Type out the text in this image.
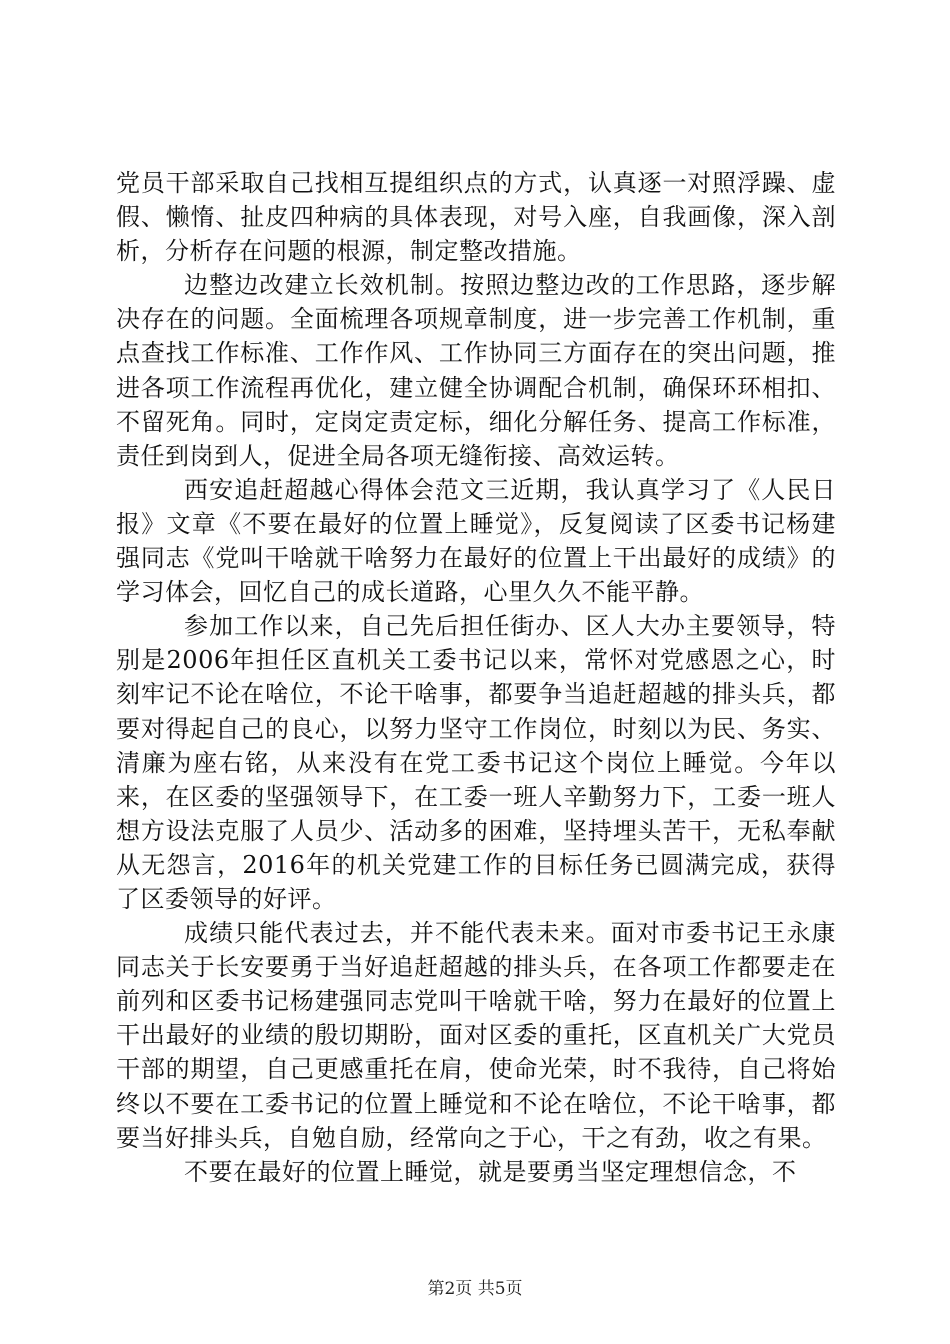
党员干部采取自己找相互提组织点的方式，认真逐一对照浮躁、虚假、懒惰、扯皮四种病的具体表现，对号入座，自我画像，深入剖析，分析存在问题的根源，制定整改措施。

边整边改建立长效机制。按照边整边改的工作思路，逐步解决存在的问题。全面梳理各项规章制度，进一步完善工作机制，重点查找工作标准、工作作风、工作协同三方面存在的突出问题，推进各项工作流程再优化，建立健全协调配合机制，确保环环相扣、不留死角。同时，定岗定责定标，细化分解任务、提高工作标准，责任到岗到人，促进全局各项无缝衔接、高效运转。

西安追赶超越心得体会范文三近期，我认真学习了《人民日报》文章《不要在最好的位置上睡觉》，反复阅读了区委书记杨建强同志《党叫干啥就干啥努力在最好的位置上干出最好的成绩》的学习体会，回忆自己的成长道路，心里久久不能平静。

参加工作以来，自己先后担任街办、区人大办主要领导，特别是2006年担任区直机关工委书记以来，常怀对党感恩之心，时刻牢记不论在啥位，不论干啥事，都要争当追赶超越的排头兵，都要对得起自己的良心，以努力坚守工作岗位，时刻以为民、务实、清廉为座右铭，从来没有在党工委书记这个岗位上睡觉。今年以来，在区委的坚强领导下，在工委一班人辛勤努力下，工委一班人想方设法克服了人员少、活动多的困难，坚持埋头苦干，无私奉献从无怨言，2016年的机关党建工作的目标任务已圆满完成，获得了区委领导的好评。

成绩只能代表过去，并不能代表未来。面对市委书记王永康同志关于长安要勇于当好追赶超越的排头兵，在各项工作都要走在前列和区委书记杨建强同志党叫干啥就干啥，努力在最好的位置上干出最好的业绩的殷切期盼，面对区委的重托，区直机关广大党员干部的期望，自己更感重托在肩，使命光荣，时不我待，自己将始终以不要在工委书记的位置上睡觉和不论在啥位，不论干啥事，都要当好排头兵，自勉自励，经常向之于心，干之有劲，收之有果。

不要在最好的位置上睡觉，就是要勇当坚定理想信念，不

第2页 共5页
